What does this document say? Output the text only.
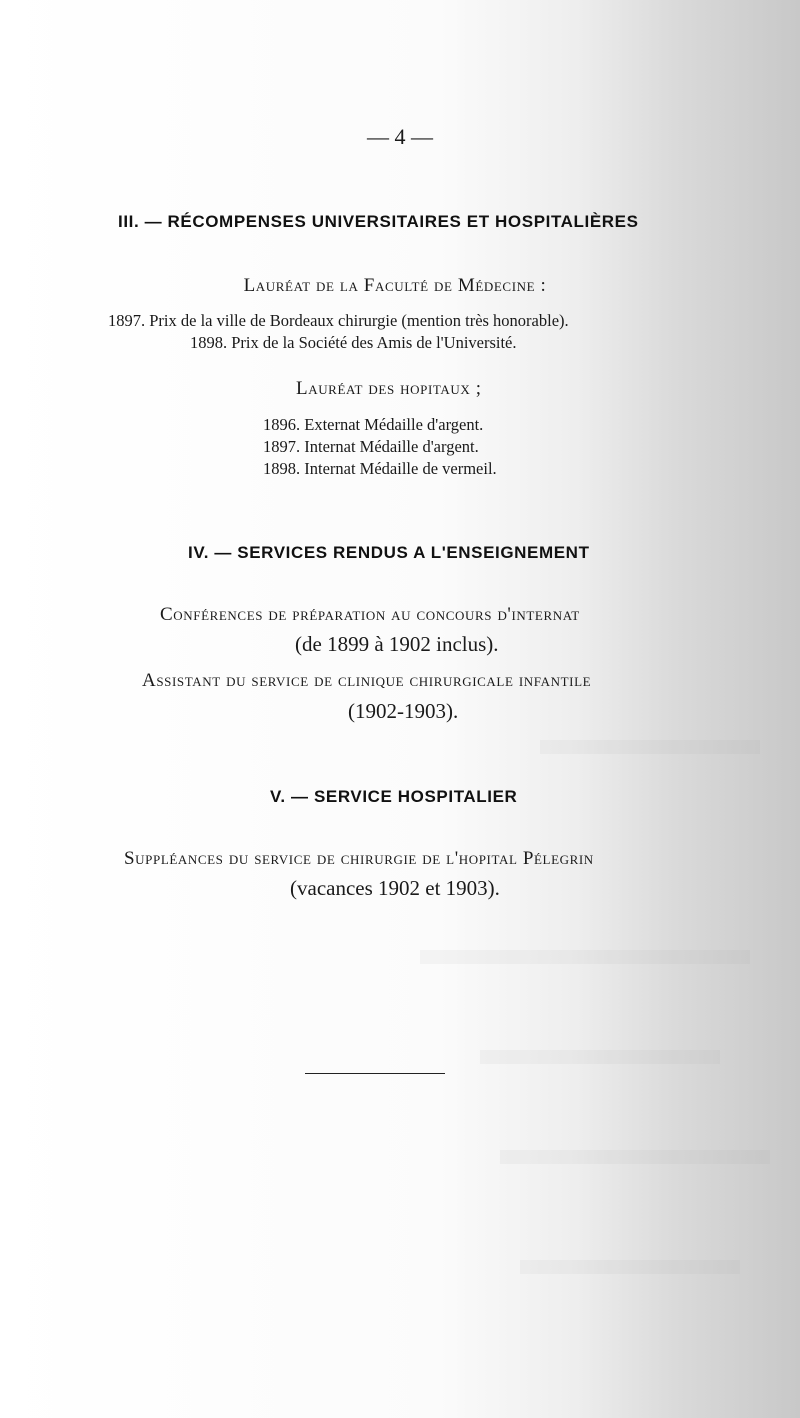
— 4 —
III. — RÉCOMPENSES UNIVERSITAIRES ET HOSPITALIÈRES
Lauréat de la Faculté de Médecine :
1897. Prix de la ville de Bordeaux chirurgie (mention très honorable).
1898. Prix de la Société des Amis de l'Université.
Lauréat des hopitaux ;
1896. Externat Médaille d'argent.
1897. Internat Médaille d'argent.
1898. Internat Médaille de vermeil.
IV. — SERVICES RENDUS A L'ENSEIGNEMENT
Conférences de préparation au concours d'internat
(de 1899 à 1902 inclus).
Assistant du service de clinique chirurgicale infantile
(1902-1903).
V. — SERVICE HOSPITALIER
Suppléances du service de chirurgie de l'hopital Pélegrin
(vacances 1902 et 1903).
